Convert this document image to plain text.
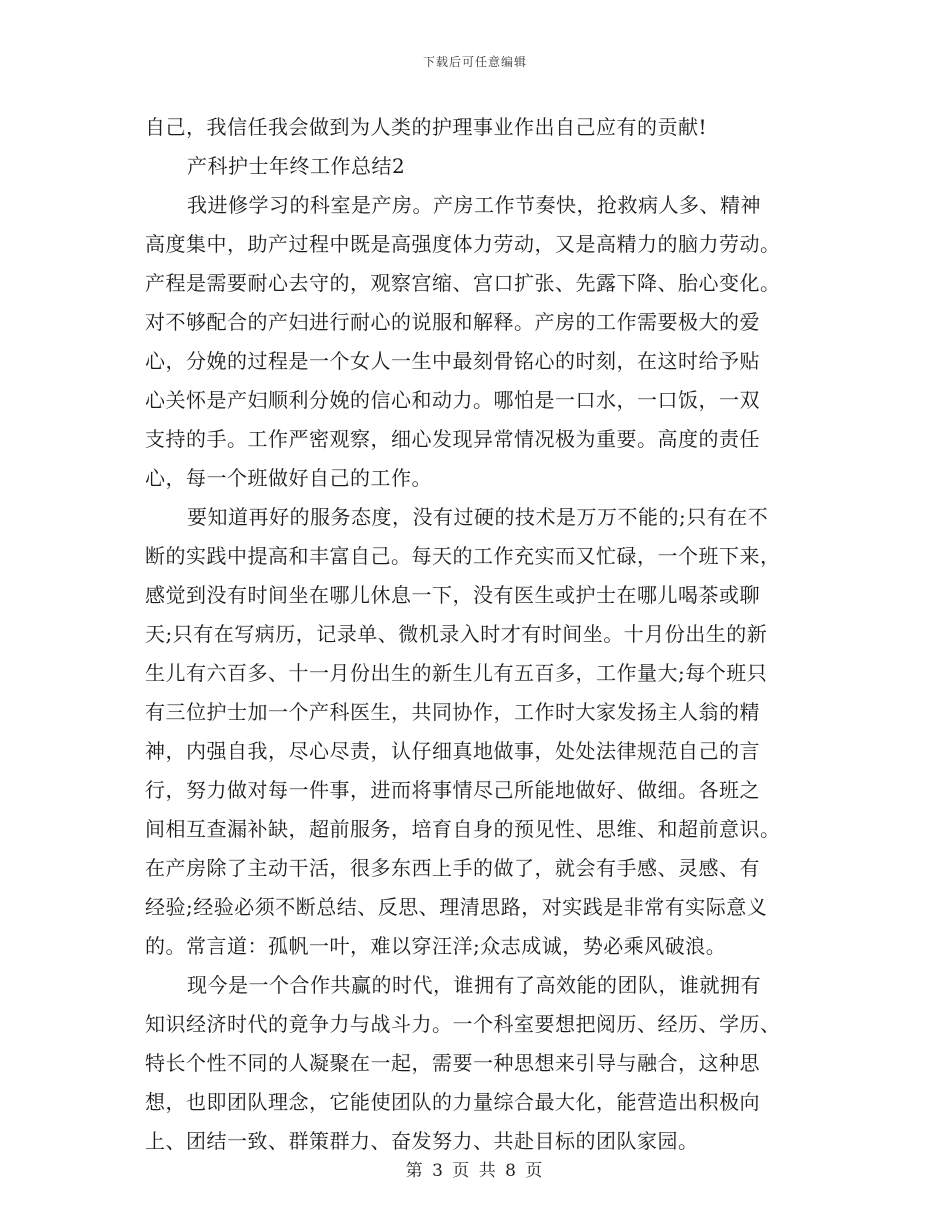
下载后可任意编辑
自己，我信任我会做到为人类的护理事业作出自己应有的贡献!
产科护士年终工作总结2
我进修学习的科室是产房。产房工作节奏快，抢救病人多、精神
高度集中，助产过程中既是高强度体力劳动，又是高精力的脑力劳动。
产程是需要耐心去守的，观察宫缩、宫口扩张、先露下降、胎心变化。
对不够配合的产妇进行耐心的说服和解释。产房的工作需要极大的爱
心，分娩的过程是一个女人一生中最刻骨铭心的时刻，在这时给予贴
心关怀是产妇顺利分娩的信心和动力。哪怕是一口水，一口饭，一双
支持的手。工作严密观察，细心发现异常情况极为重要。高度的责任
心，每一个班做好自己的工作。
要知道再好的服务态度，没有过硬的技术是万万不能的;只有在不
断的实践中提高和丰富自己。每天的工作充实而又忙碌，一个班下来，
感觉到没有时间坐在哪儿休息一下，没有医生或护士在哪儿喝茶或聊
天;只有在写病历，记录单、微机录入时才有时间坐。十月份出生的新
生儿有六百多、十一月份出生的新生儿有五百多，工作量大;每个班只
有三位护士加一个产科医生，共同协作，工作时大家发扬主人翁的精
神，内强自我，尽心尽责，认仔细真地做事，处处法律规范自己的言
行，努力做对每一件事，进而将事情尽己所能地做好、做细。各班之
间相互查漏补缺，超前服务，培育自身的预见性、思维、和超前意识。
在产房除了主动干活，很多东西上手的做了，就会有手感、灵感、有
经验;经验必须不断总结、反思、理清思路，对实践是非常有实际意义
的。常言道：孤帆一叶，难以穿汪洋;众志成诚，势必乘风破浪。
现今是一个合作共赢的时代，谁拥有了高效能的团队，谁就拥有
知识经济时代的竟争力与战斗力。一个科室要想把阅历、经历、学历、
特长个性不同的人凝聚在一起，需要一种思想来引导与融合，这种思
想，也即团队理念，它能使团队的力量综合最大化，能营造出积极向
上、团结一致、群策群力、奋发努力、共赴目标的团队家园。
第 3 页 共 8 页
